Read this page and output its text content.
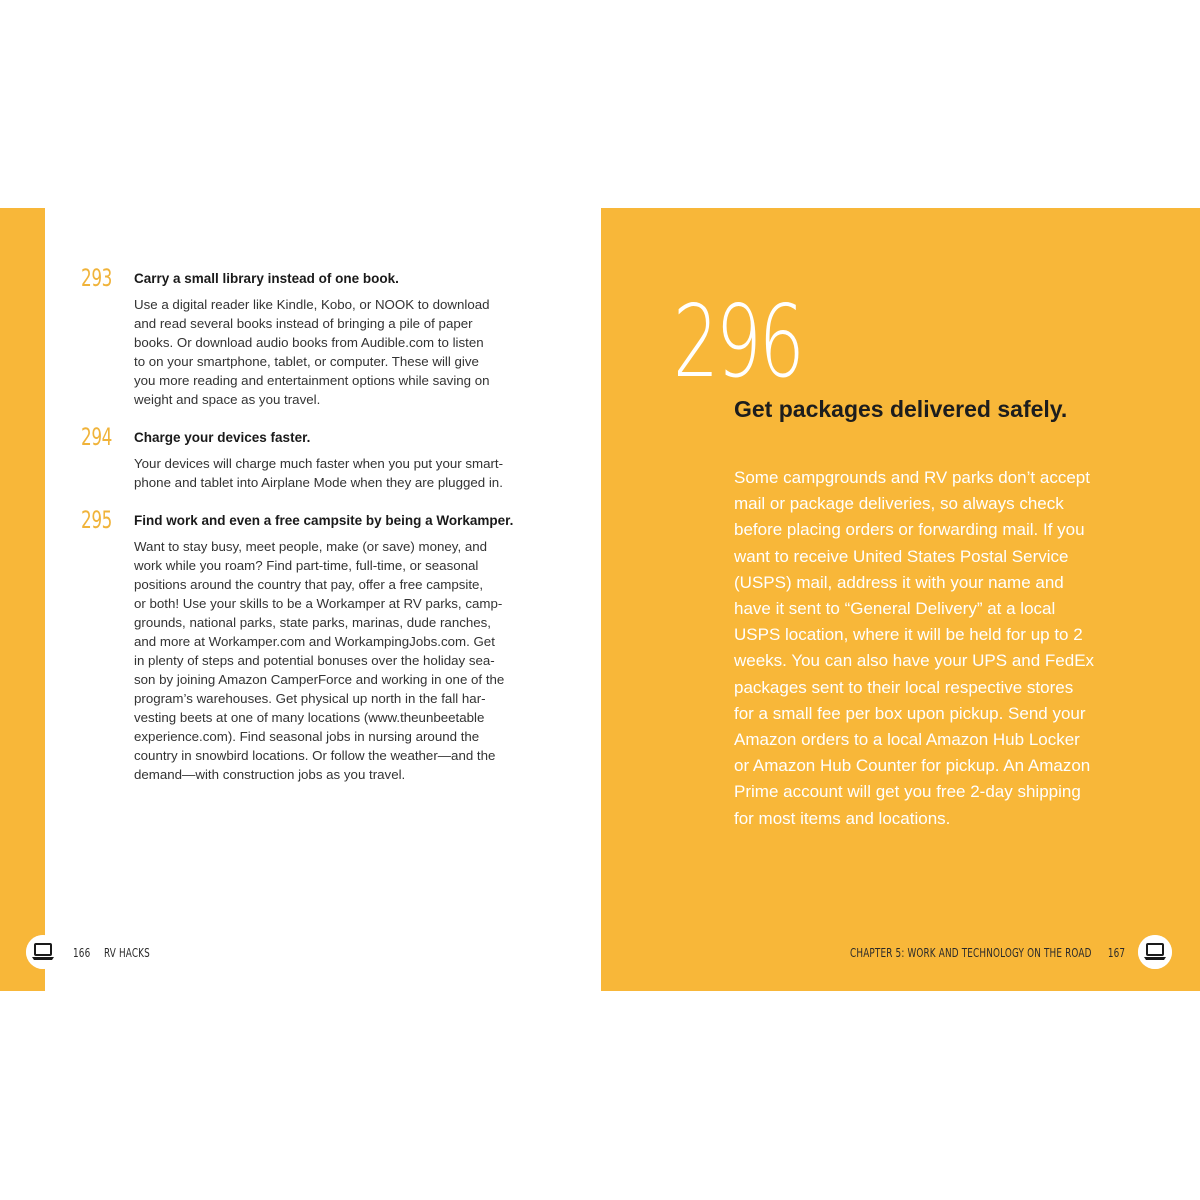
293 Carry a small library instead of one book.
Use a digital reader like Kindle, Kobo, or NOOK to download
and read several books instead of bringing a pile of paper
books. Or download audio books from Audible.com to listen
to on your smartphone, tablet, or computer. These will give
you more reading and entertainment options while saving on
weight and space as you travel.
294 Charge your devices faster.
Your devices will charge much faster when you put your smart-
phone and tablet into Airplane Mode when they are plugged in.
295 Find work and even a free campsite by being a Workamper.
Want to stay busy, meet people, make (or save) money, and
work while you roam? Find part-time, full-time, or seasonal
positions around the country that pay, offer a free campsite,
or both! Use your skills to be a Workamper at RV parks, camp-
grounds, national parks, state parks, marinas, dude ranches,
and more at Workamper.com and WorkampingJobs.com. Get
in plenty of steps and potential bonuses over the holiday sea-
son by joining Amazon CamperForce and working in one of the
program’s warehouses. Get physical up north in the fall har-
vesting beets at one of many locations (www.theunbeetable
experience.com). Find seasonal jobs in nursing around the
country in snowbird locations. Or follow the weather—and the
demand—with construction jobs as you travel.
166 RV HACKS
296
Get packages delivered safely.
Some campgrounds and RV parks don’t accept
mail or package deliveries, so always check
before placing orders or forwarding mail. If you
want to receive United States Postal Service
(USPS) mail, address it with your name and
have it sent to “General Delivery” at a local
USPS location, where it will be held for up to 2
weeks. You can also have your UPS and FedEx
packages sent to their local respective stores
for a small fee per box upon pickup. Send your
Amazon orders to a local Amazon Hub Locker
or Amazon Hub Counter for pickup. An Amazon
Prime account will get you free 2-day shipping
for most items and locations.
CHAPTER 5: WORK AND TECHNOLOGY ON THE ROAD 167
